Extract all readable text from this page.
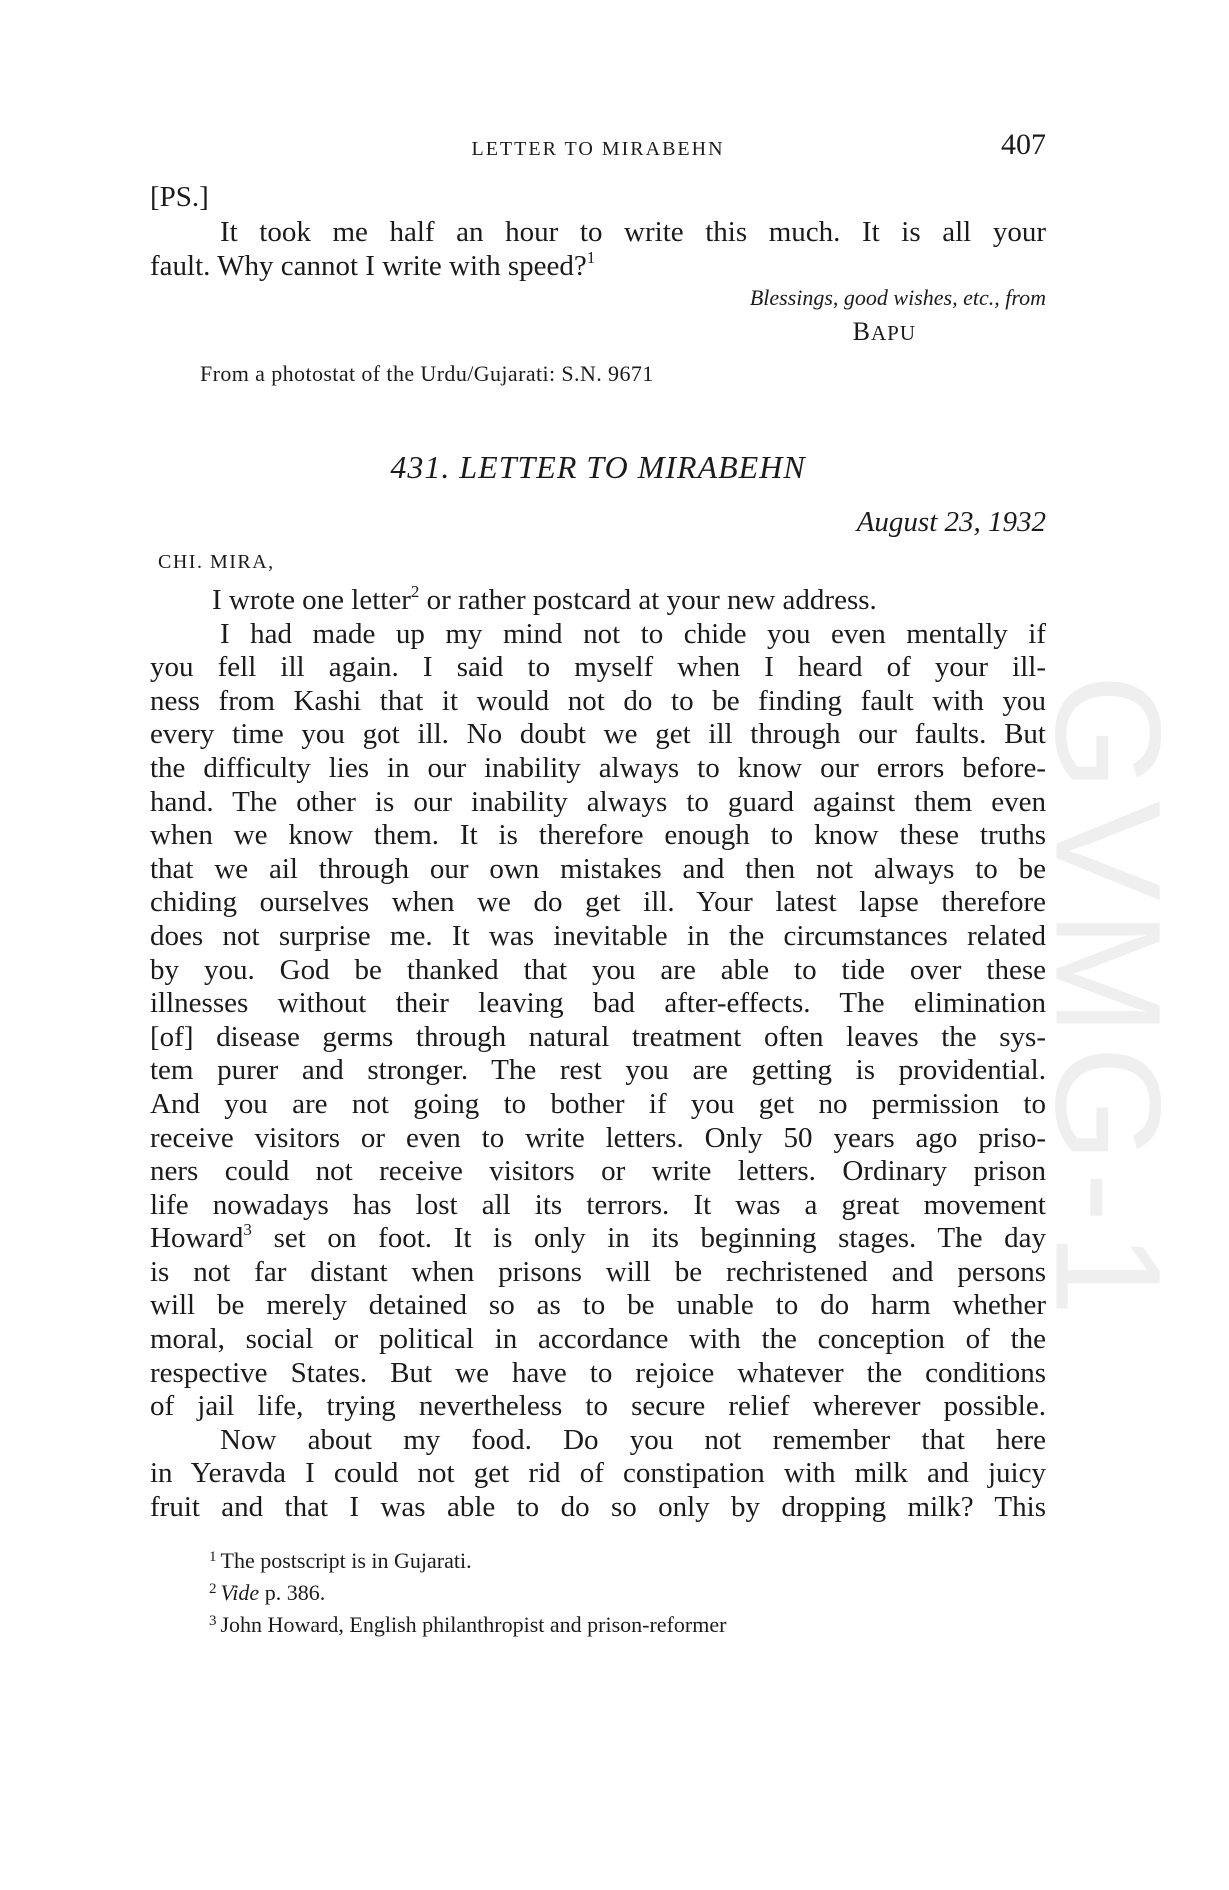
LETTER TO MIRABEHN	407
[PS.]
It took me half an hour to write this much. It is all your
fault. Why cannot I write with speed?$^1$
Blessings, good wishes, etc., from
BAPU
From a photostat of the Urdu/Gujarati: S.N. 9671
431. LETTER TO MIRABEHN
August 23, 1932
CHI. MIRA,
I wrote one letter$^2$ or rather postcard at your new address.
I had made up my mind not to chide you even mentally if
you fell ill again. I said to myself when I heard of your ill-
ness from Kashi that it would not do to be finding fault with you
every time you got ill. No doubt we get ill through our faults. But
the difficulty lies in our inability always to know our errors before-
hand. The other is our inability always to guard against them even
when we know them. It is therefore enough to know these truths
that we ail through our own mistakes and then not always to be
chiding ourselves when we do get ill. Your latest lapse therefore
does not surprise me. It was inevitable in the circumstances related
by you. God be thanked that you are able to tide over these
illnesses without their leaving bad after-effects. The elimination
[of] disease germs through natural treatment often leaves the sys-
tem purer and stronger. The rest you are getting is providential.
And you are not going to bother if you get no permission to
receive visitors or even to write letters. Only 50 years ago priso-
ners could not receive visitors or write letters. Ordinary prison
life nowadays has lost all its terrors. It was a great movement
Howard$^3$ set on foot. It is only in its beginning stages. The day
is not far distant when prisons will be rechristened and persons
will be merely detained so as to be unable to do harm whether
moral, social or political in accordance with the conception of the
respective States. But we have to rejoice whatever the conditions
of jail life, trying nevertheless to secure relief wherever possible.
Now about my food. Do you not remember that here
in Yeravda I could not get rid of constipation with milk and juicy
fruit and that I was able to do so only by dropping milk? This
$^1$ The postscript is in Gujarati.
$^2$ Vide p. 386.
$^3$ John Howard, English philanthropist and prison-reformer
GVMG-1
